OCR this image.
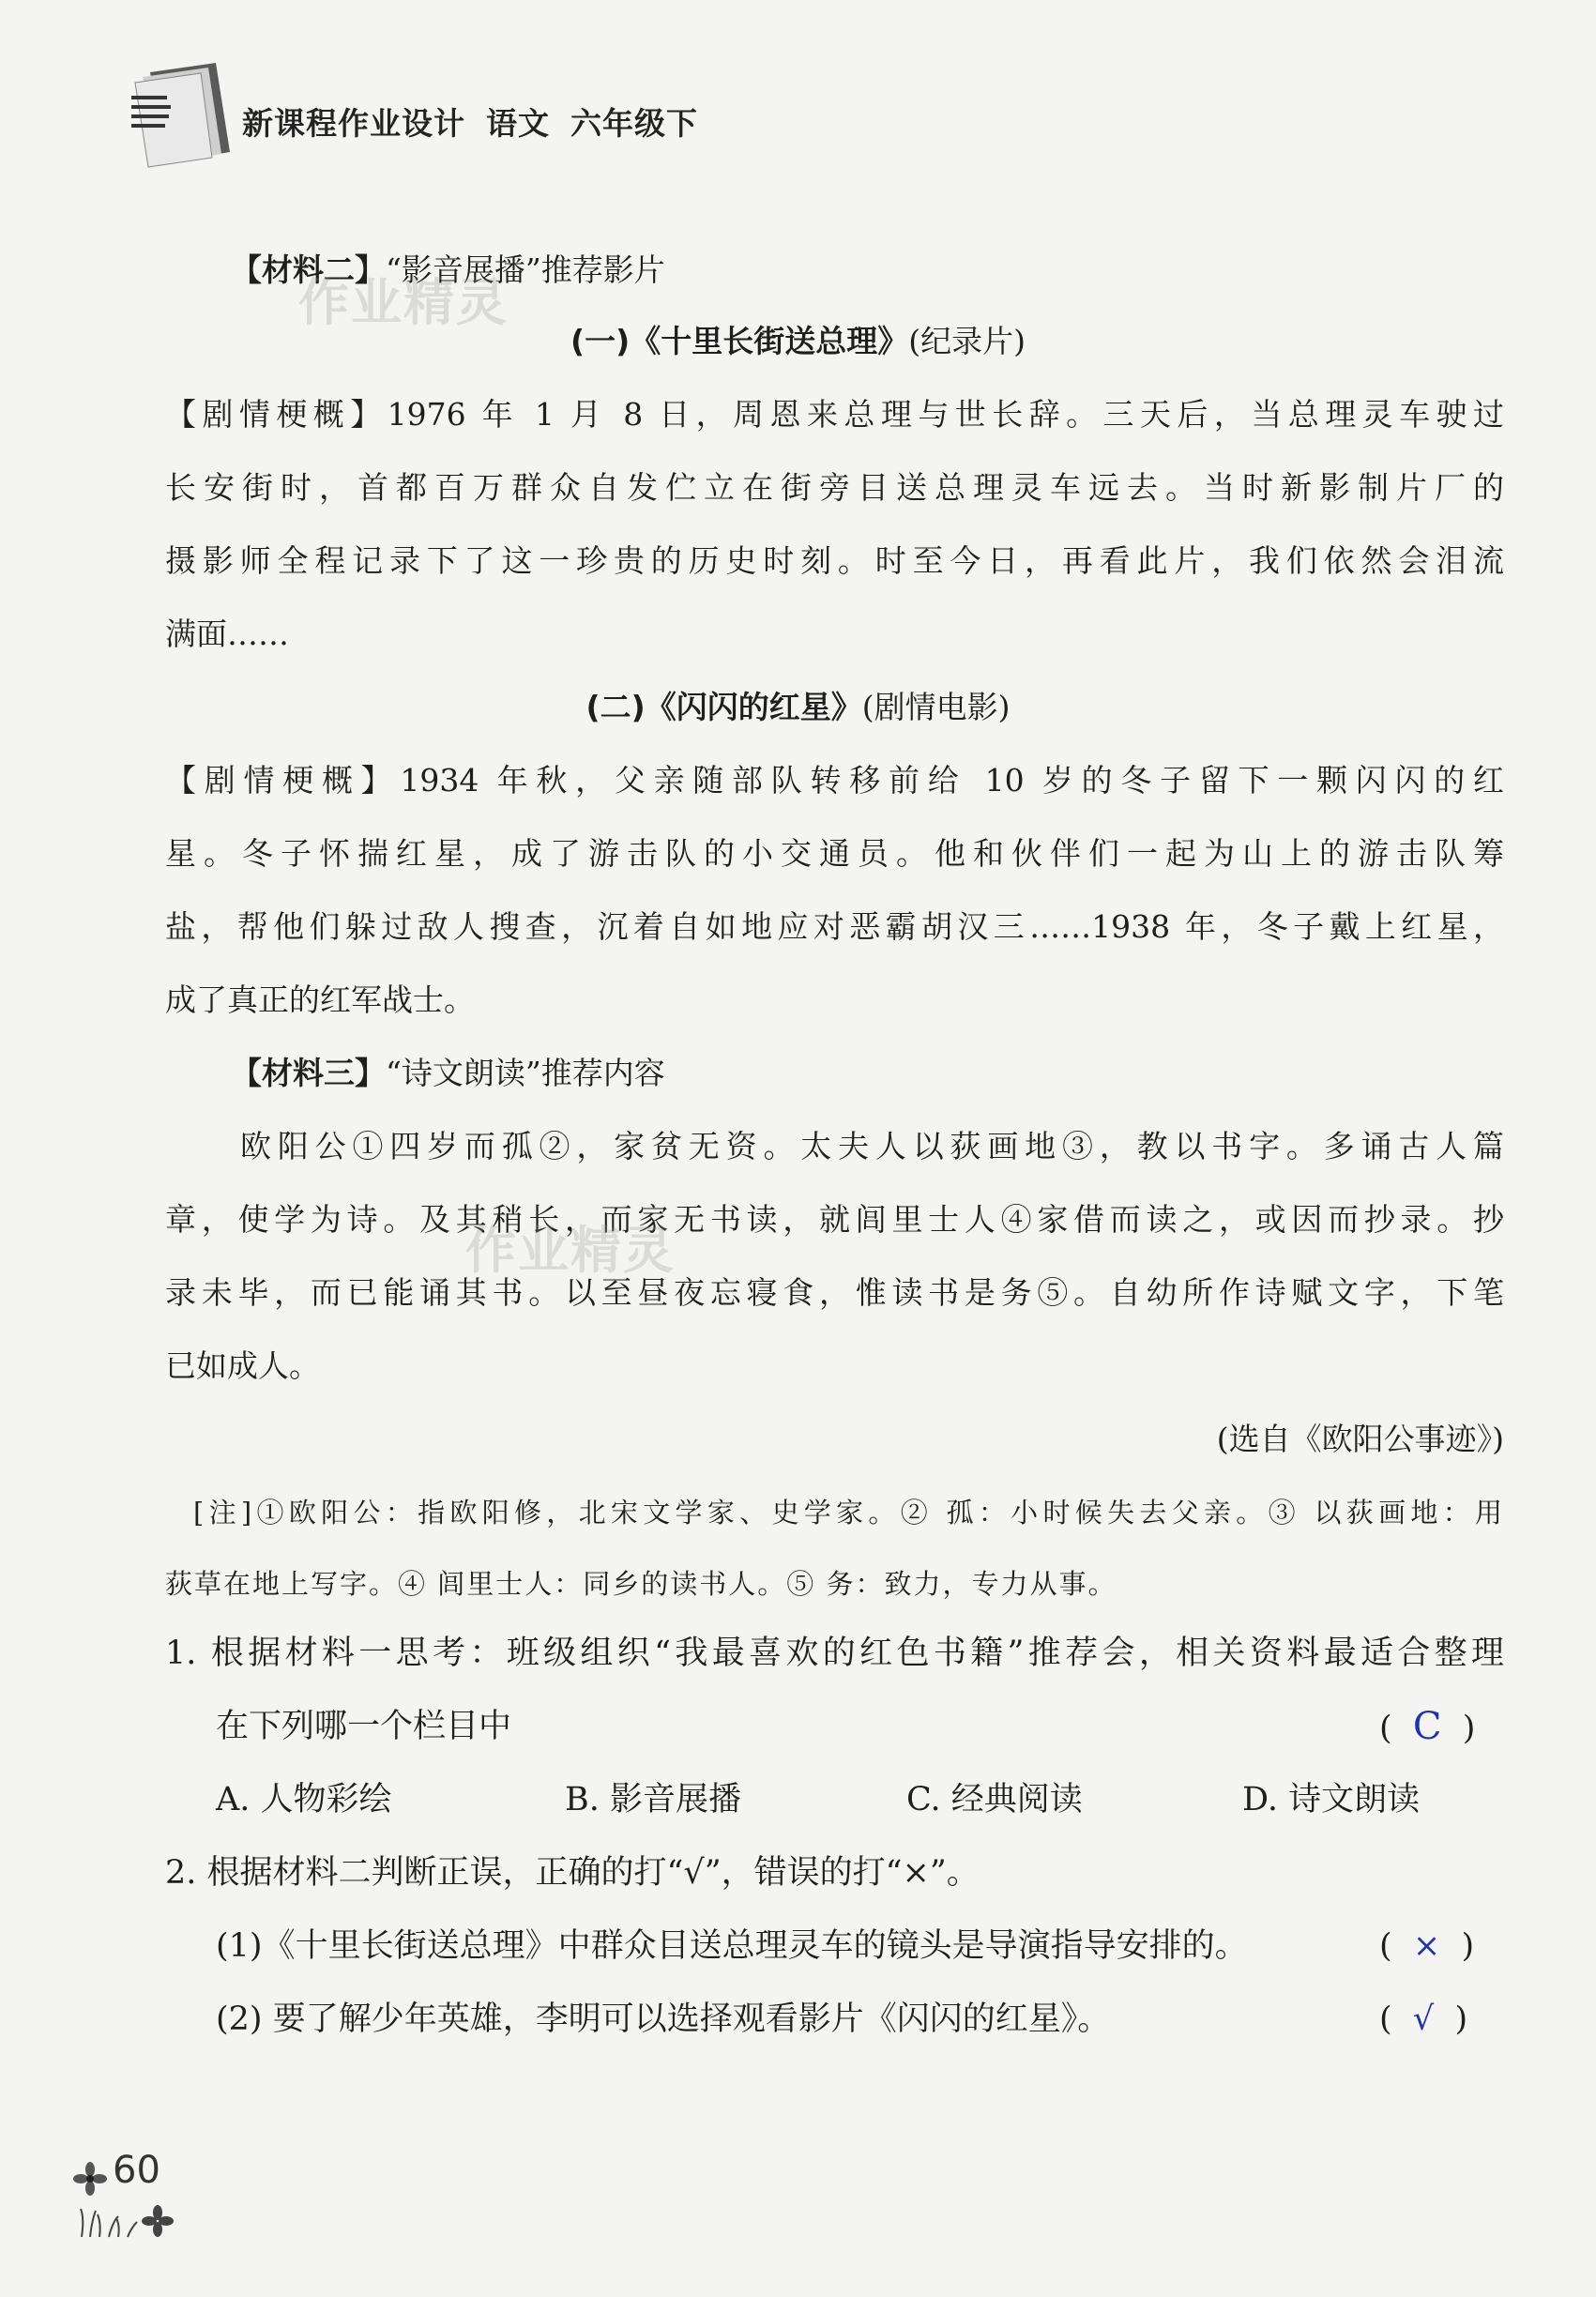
新课程作业设计 语文 六年级下
【材料二】“影音展播”推荐影片
作业精灵
(一)《十里长街送总理》(纪录片)
【剧情梗概】1976 年 1 月 8 日，周恩来总理与世长辞。三天后，当总理灵车驶过
长安街时，首都百万群众自发伫立在街旁目送总理灵车远去。当时新影制片厂的
摄影师全程记录下了这一珍贵的历史时刻。时至今日，再看此片，我们依然会泪流
满面……
(二)《闪闪的红星》(剧情电影)
【剧情梗概】1934 年秋，父亲随部队转移前给 10 岁的冬子留下一颗闪闪的红
星。冬子怀揣红星，成了游击队的小交通员。他和伙伴们一起为山上的游击队筹
盐，帮他们躲过敌人搜查，沉着自如地应对恶霸胡汉三……1938 年，冬子戴上红星，
成了真正的红军战士。
【材料三】“诗文朗读”推荐内容
欧阳公①四岁而孤②，家贫无资。太夫人以荻画地③，教以书字。多诵古人篇
章，使学为诗。及其稍长，而家无书读，就闾里士人④家借而读之，或因而抄录。抄
录未毕，而已能诵其书。以至昼夜忘寝食，惟读书是务⑤。自幼所作诗赋文字，下笔
已如成人。
作业精灵
(选自《欧阳公事迹》)
[注]①欧阳公：指欧阳修，北宋文学家、史学家。② 孤：小时候失去父亲。③ 以荻画地：用
荻草在地上写字。④ 闾里士人：同乡的读书人。⑤ 务：致力，专力从事。
1. 根据材料一思考：班级组织“我最喜欢的红色书籍”推荐会，相关资料最适合整理
在下列哪一个栏目中	(  C  )
A. 人物彩绘	B. 影音展播	C. 经典阅读	D. 诗文朗读
2. 根据材料二判断正误，正确的打“√”，错误的打“×”。
(1)《十里长街送总理》中群众目送总理灵车的镜头是导演指导安排的。	(  ×  )
(2) 要了解少年英雄，李明可以选择观看影片《闪闪的红星》。	(  √  )
60
